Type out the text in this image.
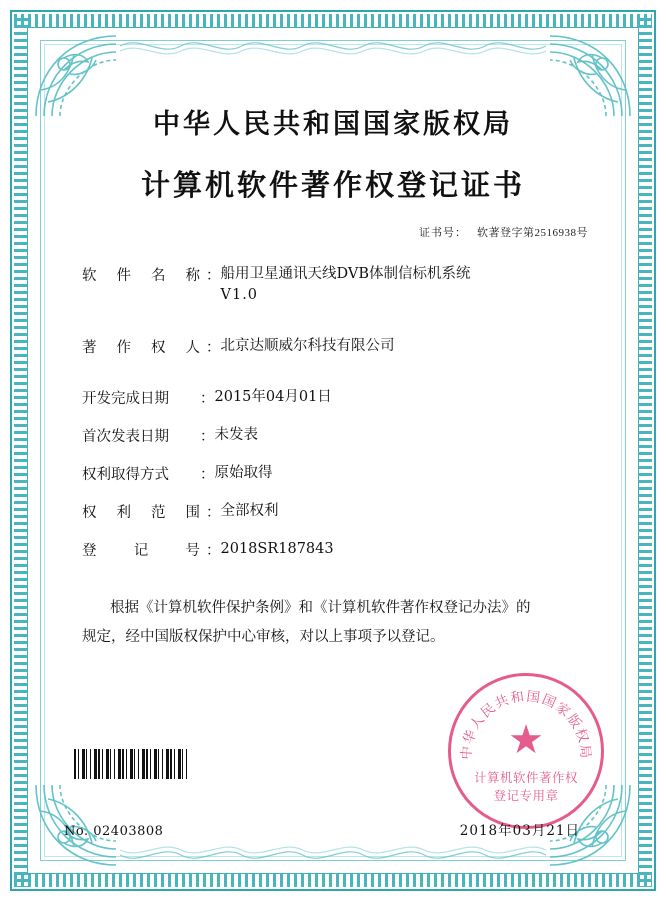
中华人民共和国国家版权局
计算机软件著作权登记证书
证书号： 软著登字第2516938号
软 件 名 称 ： 船用卫星通讯天线DVB体制信标机系统
V1.0
著 作 权 人 ： 北京达顺威尔科技有限公司
开发完成日期	： 2015年04月01日
首次发表日期	： 未发表
权利取得方式	： 原始取得
权 利 范 围 ： 全部权利
登	记	号 ： 2018SR187843
根据《计算机软件保护条例》和《计算机软件著作权登记办法》的
规定，经中国版权保护中心审核，对以上事项予以登记。
中华人民共和国国家版权局
★
计算机软件著作权
登记专用章
No. 02403808	2018年03月21日
